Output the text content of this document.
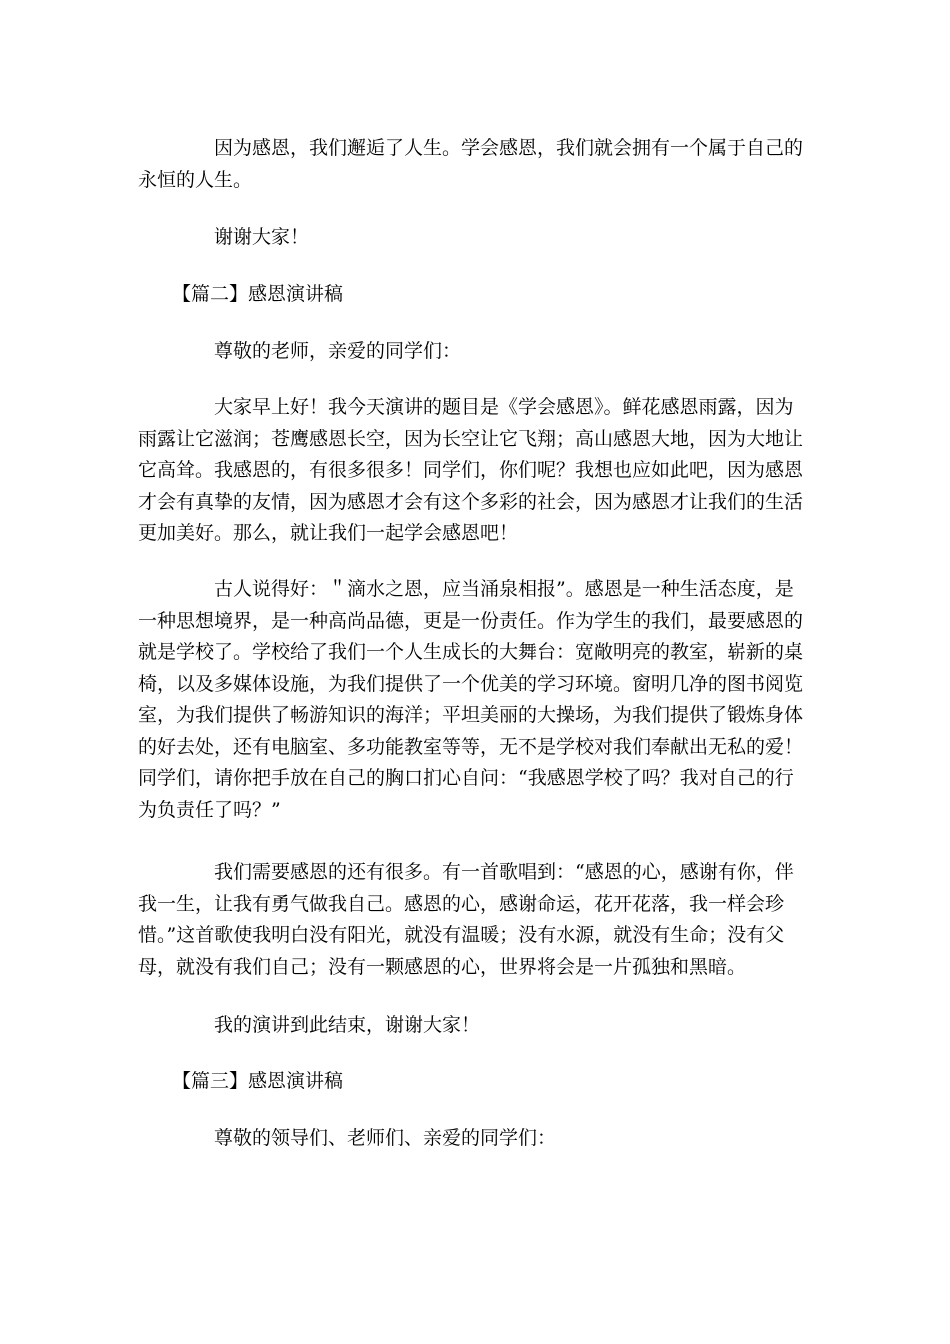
因为感恩，我们邂逅了人生。学会感恩，我们就会拥有一个属于自己的
永恒的人生。

谢谢大家！

【篇二】感恩演讲稿

尊敬的老师，亲爱的同学们：

大家早上好！我今天演讲的题目是《学会感恩》。鲜花感恩雨露，因为
雨露让它滋润；苍鹰感恩长空，因为长空让它飞翔；高山感恩大地，因为大地让
它高耸。我感恩的，有很多很多！同学们，你们呢？我想也应如此吧，因为感恩
才会有真挚的友情，因为感恩才会有这个多彩的社会，因为感恩才让我们的生活
更加美好。那么，就让我们一起学会感恩吧！

古人说得好：＂滴水之恩，应当涌泉相报”。感恩是一种生活态度，是
一种思想境界，是一种高尚品德，更是一份责任。作为学生的我们，最要感恩的
就是学校了。学校给了我们一个人生成长的大舞台：宽敞明亮的教室，崭新的桌
椅，以及多媒体设施，为我们提供了一个优美的学习环境。窗明几净的图书阅览
室，为我们提供了畅游知识的海洋；平坦美丽的大操场，为我们提供了锻炼身体
的好去处，还有电脑室、多功能教室等等，无不是学校对我们奉献出无私的爱！
同学们，请你把手放在自己的胸口扪心自问：“我感恩学校了吗？我对自己的行
为负责任了吗？”

我们需要感恩的还有很多。有一首歌唱到：“感恩的心，感谢有你，伴
我一生，让我有勇气做我自己。感恩的心，感谢命运，花开花落，我一样会珍
惜。”这首歌使我明白没有阳光，就没有温暖；没有水源，就没有生命；没有父
母，就没有我们自己；没有一颗感恩的心，世界将会是一片孤独和黑暗。

我的演讲到此结束，谢谢大家！

【篇三】感恩演讲稿

尊敬的领导们、老师们、亲爱的同学们：
